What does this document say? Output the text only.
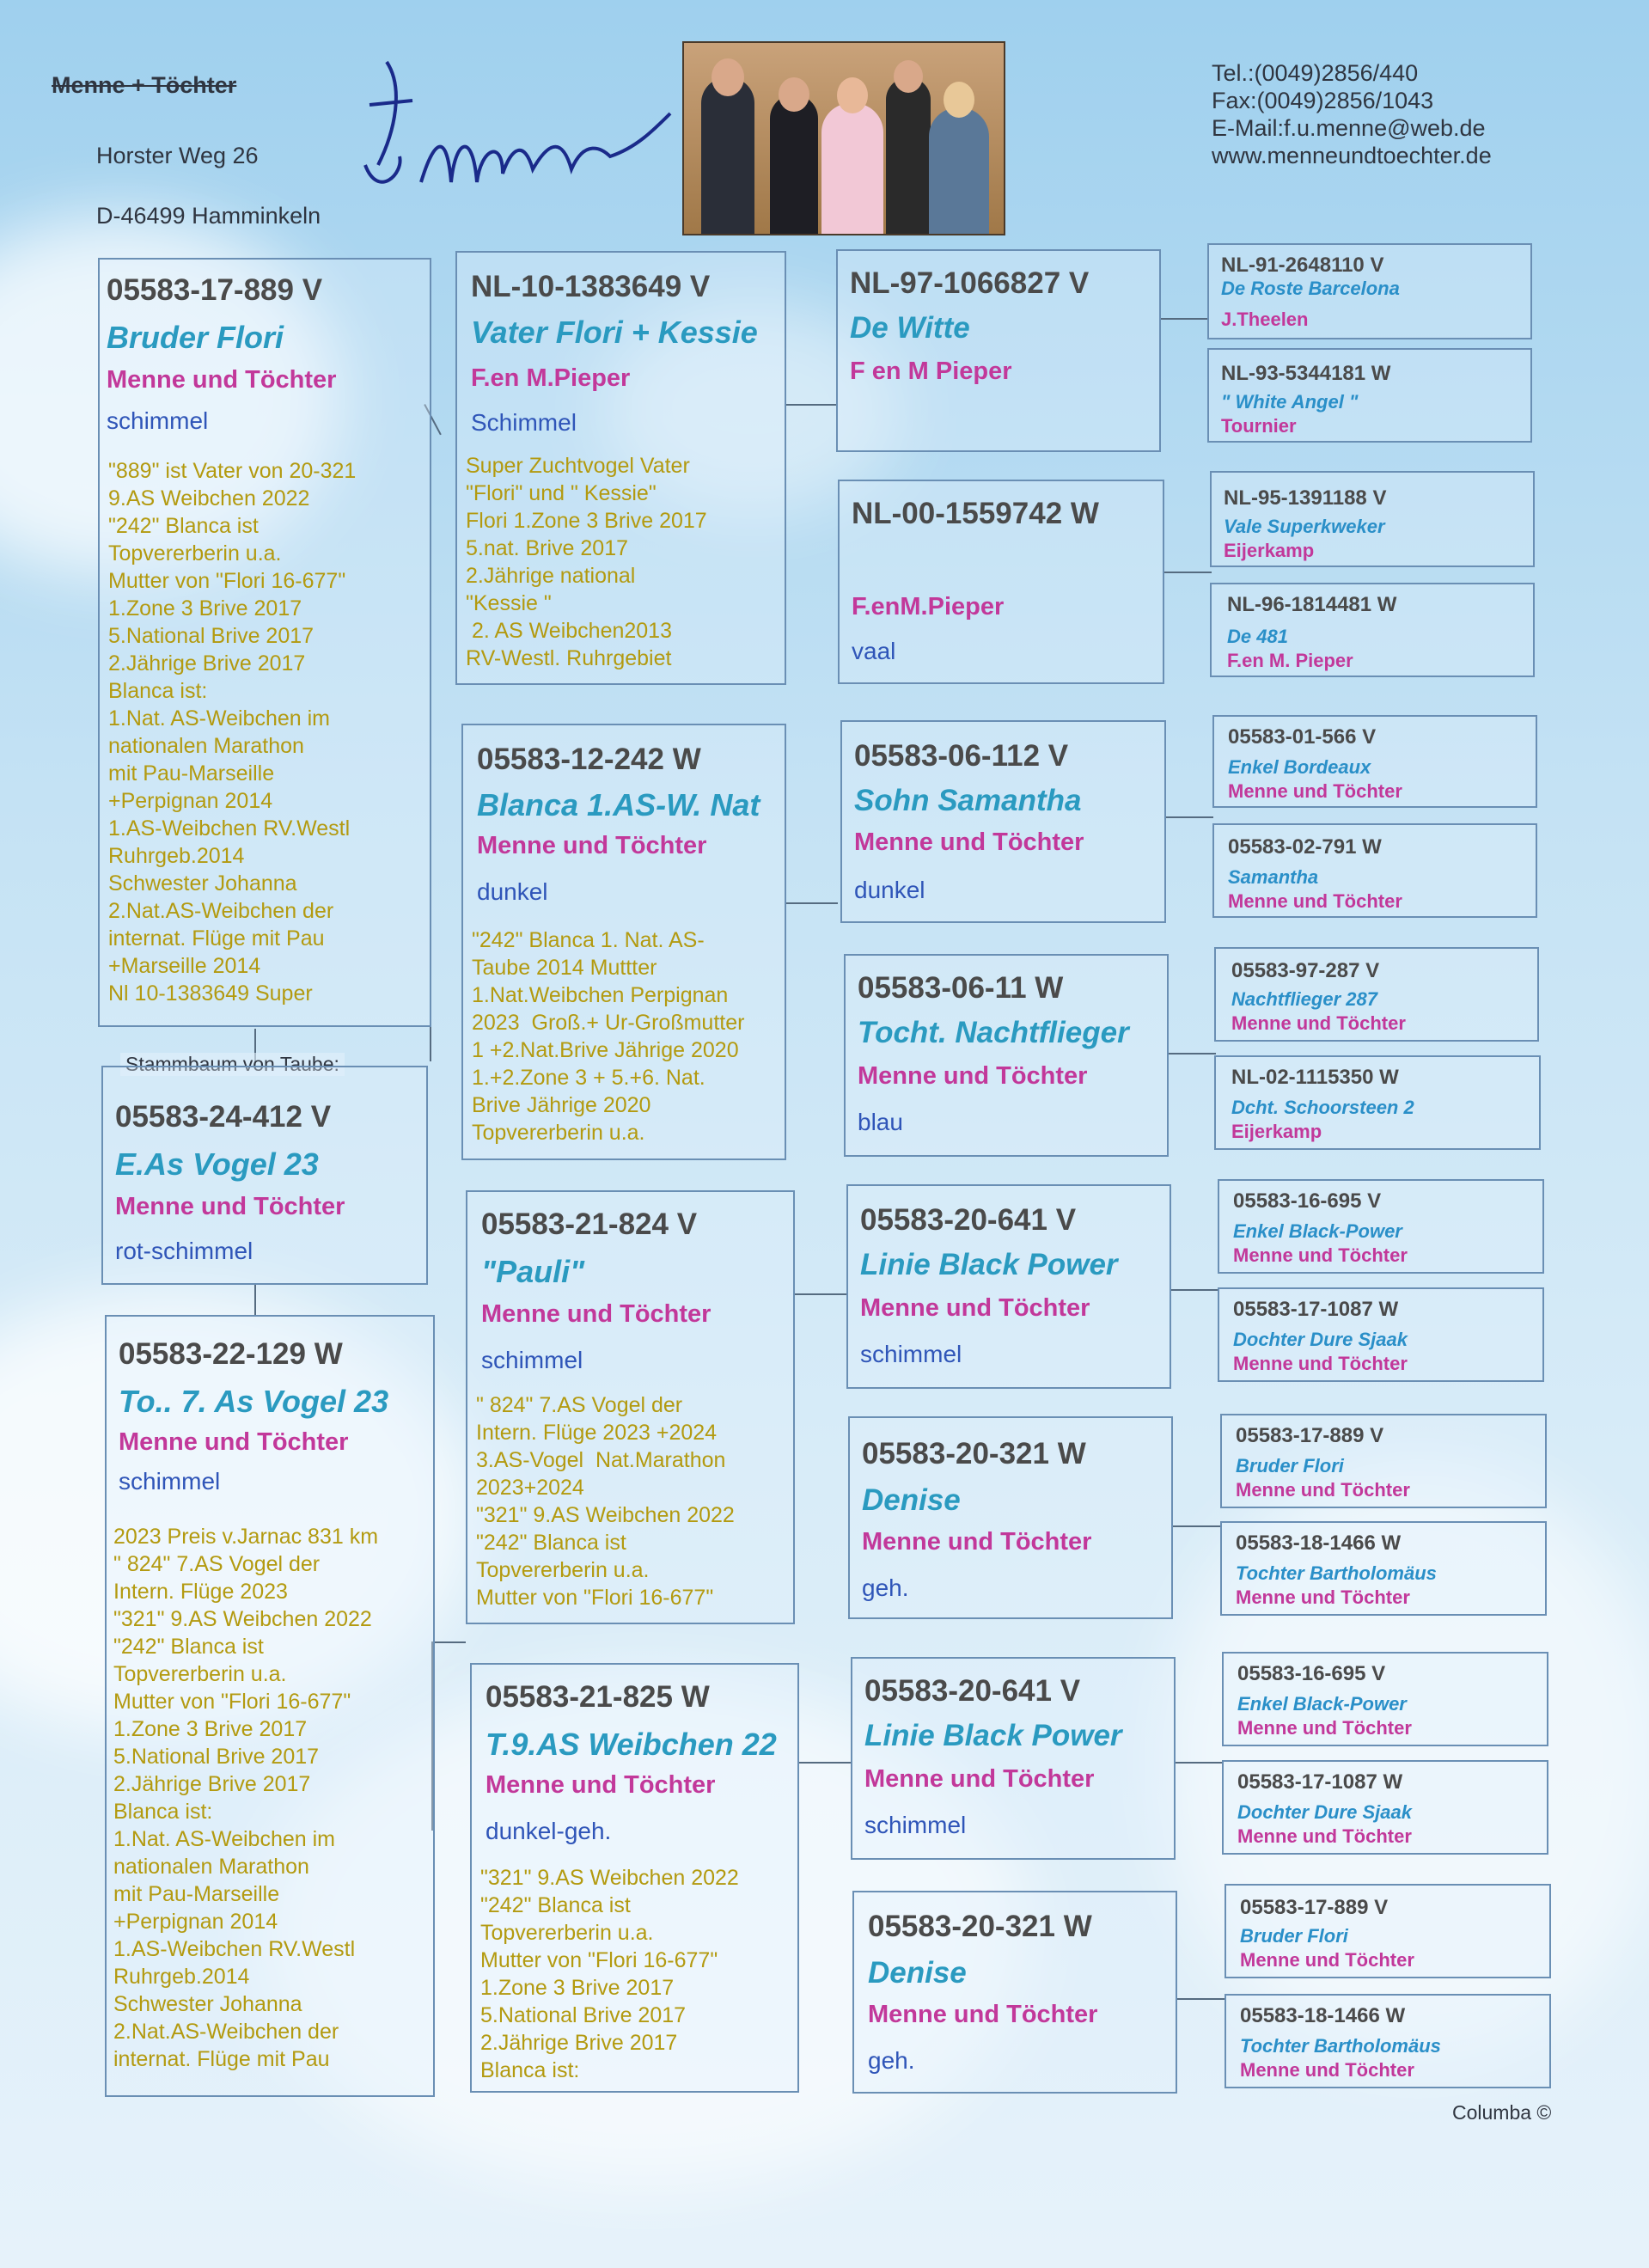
Menne + Töchter
Horster Weg 26
D-46499 Hamminkeln
Tel.:(0049)2856/440
Fax:(0049)2856/1043
E-Mail:f.u.menne@web.de
www.menneundtoechter.de
05583-17-889 V
Bruder Flori
Menne und Töchter
schimmel
"889" ist Vater von 20-321
9.AS Weibchen 2022
"242" Blanca ist
Topvererberin u.a.
Mutter von "Flori 16-677"
1.Zone 3 Brive 2017
5.National Brive 2017
2.Jährige Brive 2017
Blanca ist:
1.Nat. AS-Weibchen im
nationalen Marathon
mit Pau-Marseille
+Perpignan 2014
1.AS-Weibchen RV.Westl
Ruhrgeb.2014
Schwester Johanna
2.Nat.AS-Weibchen der
internat. Flüge mit Pau
+Marseille 2014
Nl 10-1383649 Super
Stammbaum von Taube:
05583-24-412 V
E.As Vogel 23
Menne und Töchter
rot-schimmel
05583-22-129 W
To.. 7. As Vogel 23
Menne und Töchter
schimmel
2023 Preis v.Jarnac 831 km
" 824" 7.AS Vogel der
Intern. Flüge 2023
"321" 9.AS Weibchen 2022
"242" Blanca ist
Topvererberin u.a.
Mutter von "Flori 16-677"
1.Zone 3 Brive 2017
5.National Brive 2017
2.Jährige Brive 2017
Blanca ist:
1.Nat. AS-Weibchen im
nationalen Marathon
mit Pau-Marseille
+Perpignan 2014
1.AS-Weibchen RV.Westl
Ruhrgeb.2014
Schwester Johanna
2.Nat.AS-Weibchen der
internat. Flüge mit Pau
NL-10-1383649 V
Vater Flori + Kessie
F.en M.Pieper
Schimmel
Super Zuchtvogel Vater
"Flori" und " Kessie"
Flori 1.Zone 3 Brive 2017
5.nat. Brive 2017
2.Jährige national
"Kessie "
2. AS Weibchen2013
RV-Westl. Ruhrgebiet
05583-12-242 W
Blanca 1.AS-W. Nat
Menne und Töchter
dunkel
"242" Blanca 1. Nat. AS-
Taube 2014 Muttter
1.Nat.Weibchen Perpignan
2023  Groß.+ Ur-Großmutter
1 +2.Nat.Brive Jährige 2020
1.+2.Zone 3 + 5.+6. Nat.
Brive Jährige 2020
Topvererberin u.a.
05583-21-824 V
"Pauli"
Menne und Töchter
schimmel
" 824" 7.AS Vogel der
Intern. Flüge 2023 +2024
3.AS-Vogel  Nat.Marathon
2023+2024
"321" 9.AS Weibchen 2022
"242" Blanca ist
Topvererberin u.a.
Mutter von "Flori 16-677"
05583-21-825 W
T.9.AS Weibchen 22
Menne und Töchter
dunkel-geh.
"321" 9.AS Weibchen 2022
"242" Blanca ist
Topvererberin u.a.
Mutter von "Flori 16-677"
1.Zone 3 Brive 2017
5.National Brive 2017
2.Jährige Brive 2017
Blanca ist:
NL-97-1066827 V
De Witte
F en M Pieper
NL-00-1559742 W
F.enM.Pieper
vaal
05583-06-112 V
Sohn Samantha
Menne und Töchter
dunkel
05583-06-11 W
Tocht. Nachtflieger
Menne und Töchter
blau
05583-20-641 V
Linie Black Power
Menne und Töchter
schimmel
05583-20-321 W
Denise
Menne und Töchter
geh.
05583-20-641 V
Linie Black Power
Menne und Töchter
schimmel
05583-20-321 W
Denise
Menne und Töchter
geh.
NL-91-2648110 V
De Roste Barcelona
J.Theelen
NL-93-5344181 W
" White Angel "
Tournier
NL-95-1391188 V
Vale Superkweker
Eijerkamp
NL-96-1814481 W
De 481
F.en M. Pieper
05583-01-566 V
Enkel Bordeaux
Menne und Töchter
05583-02-791 W
Samantha
Menne und Töchter
05583-97-287 V
Nachtflieger 287
Menne und Töchter
NL-02-1115350 W
Dcht. Schoorsteen 2
Eijerkamp
05583-16-695 V
Enkel Black-Power
Menne und Töchter
05583-17-1087 W
Dochter Dure Sjaak
Menne und Töchter
05583-17-889 V
Bruder Flori
Menne und Töchter
05583-18-1466 W
Tochter Bartholomäus
Menne und Töchter
05583-16-695 V
Enkel Black-Power
Menne und Töchter
05583-17-1087 W
Dochter Dure Sjaak
Menne und Töchter
05583-17-889 V
Bruder Flori
Menne und Töchter
05583-18-1466 W
Tochter Bartholomäus
Menne und Töchter
Columba ©
